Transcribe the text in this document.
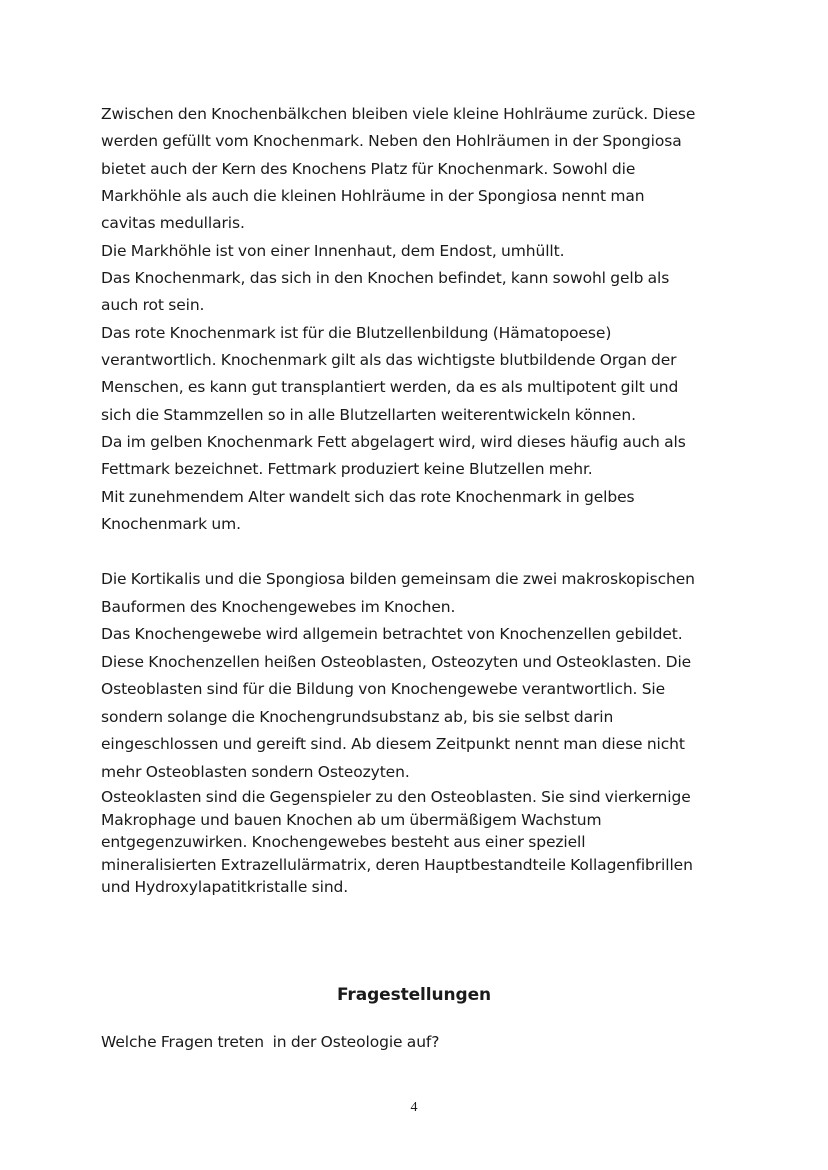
Zwischen den Knochenbälkchen bleiben viele kleine Hohlräume zurück. Diese
werden gefüllt vom Knochenmark. Neben den Hohlräumen in der Spongiosa
bietet auch der Kern des Knochens Platz für Knochenmark. Sowohl die
Markhöhle als auch die kleinen Hohlräume in der Spongiosa nennt man
cavitas medullaris.
Die Markhöhle ist von einer Innenhaut, dem Endost, umhüllt.
Das Knochenmark, das sich in den Knochen befindet, kann sowohl gelb als
auch rot sein.
Das rote Knochenmark ist für die Blutzellenbildung (Hämatopoese)
verantwortlich. Knochenmark gilt als das wichtigste blutbildende Organ der
Menschen, es kann gut transplantiert werden, da es als multipotent gilt und
sich die Stammzellen so in alle Blutzellarten weiterentwickeln können.
Da im gelben Knochenmark Fett abgelagert wird, wird dieses häufig auch als
Fettmark bezeichnet. Fettmark produziert keine Blutzellen mehr.
Mit zunehmendem Alter wandelt sich das rote Knochenmark in gelbes
Knochenmark um.
Die Kortikalis und die Spongiosa bilden gemeinsam die zwei makroskopischen
Bauformen des Knochengewebes im Knochen.
Das Knochengewebe wird allgemein betrachtet von Knochenzellen gebildet.
Diese Knochenzellen heißen Osteoblasten, Osteozyten und Osteoklasten. Die
Osteoblasten sind für die Bildung von Knochengewebe verantwortlich. Sie
sondern solange die Knochengrundsubstanz ab, bis sie selbst darin
eingeschlossen und gereift sind. Ab diesem Zeitpunkt nennt man diese nicht
mehr Osteoblasten sondern Osteozyten.
Osteoklasten sind die Gegenspieler zu den Osteoblasten. Sie sind vierkernige
Makrophage und bauen Knochen ab um übermäßigem Wachstum
entgegenzuwirken. Knochengewebes besteht aus einer speziell
mineralisierten Extrazellulärmatrix, deren Hauptbestandteile Kollagenfibrillen
und Hydroxylapatitkristalle sind.
Fragestellungen
Welche Fragen treten  in der Osteologie auf?
4
